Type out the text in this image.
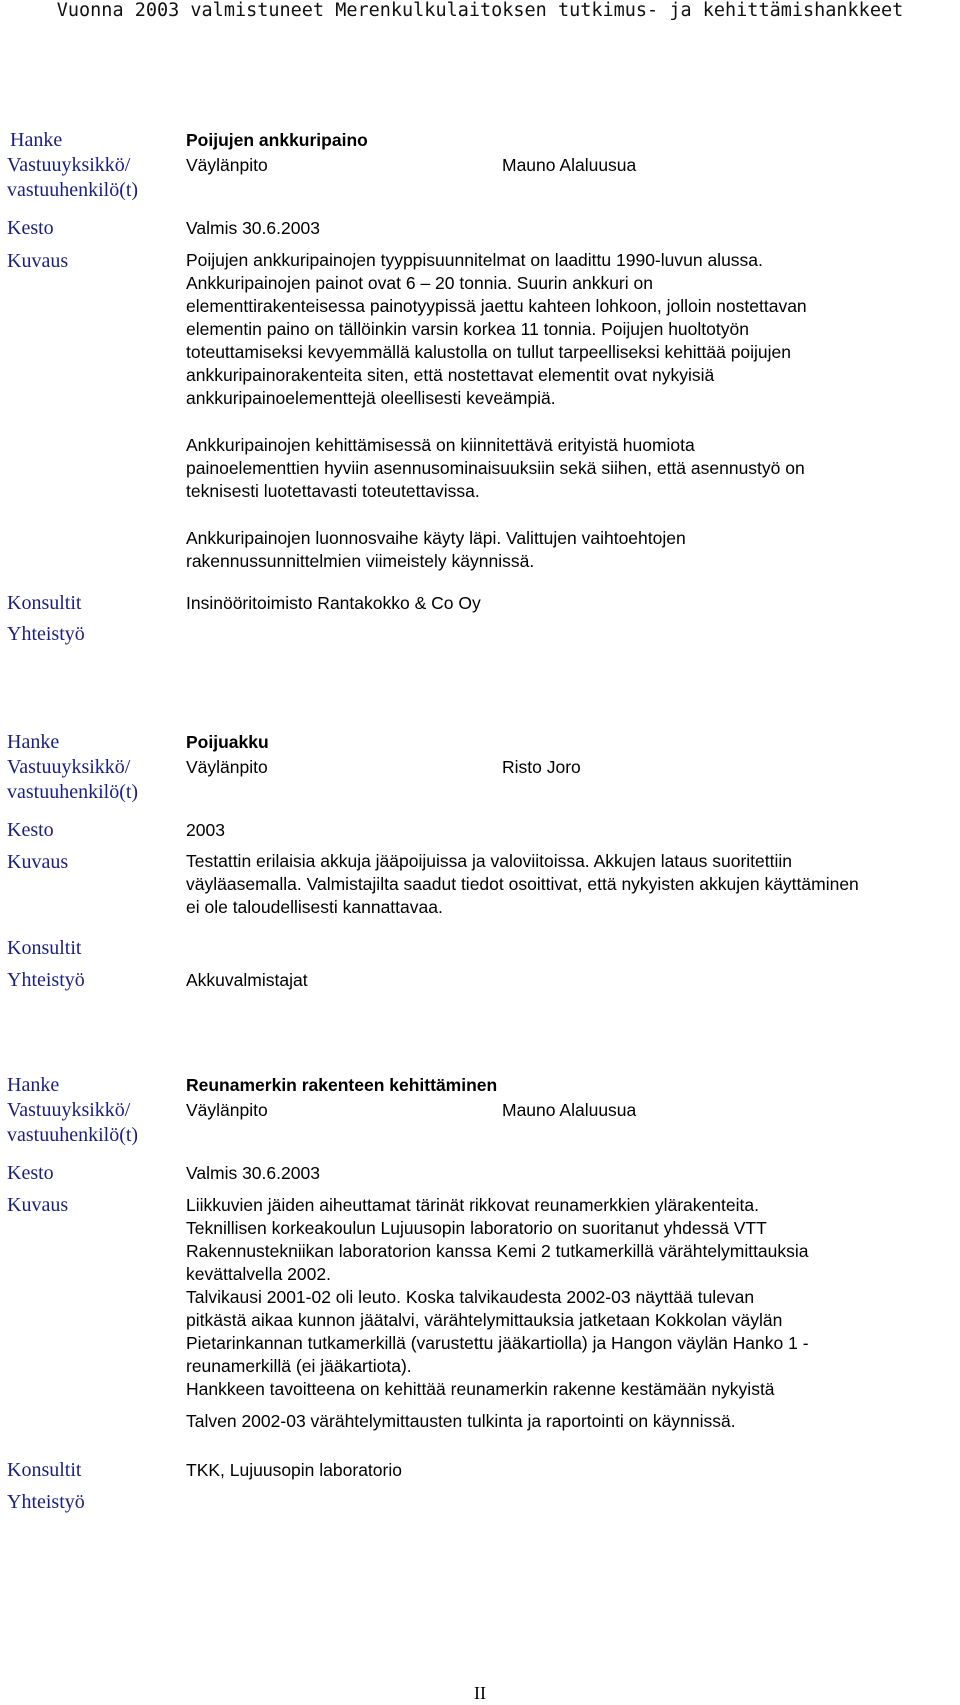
Vuonna 2003 valmistuneet Merenkulkulaitoksen tutkimus- ja kehittämishankkeet
Hanke	Poijujen ankkuripaino
Vastuuyksikkö/	Väylänpito	Mauno Alaluusua
vastuuhenkilö(t)
Kesto	Valmis 30.6.2003
Kuvaus	Poijujen ankkuripainojen tyyppisuunnitelmat on laadittu 1990-luvun alussa.
Ankkuripainojen painot ovat 6 – 20 tonnia. Suurin ankkuri on
elementtirakenteisessa painotyypissä jaettu kahteen lohkoon, jolloin nostettavan
elementin paino on tällöinkin varsin korkea 11 tonnia. Poijujen huoltotyön
toteuttamiseksi kevyemmällä kalustolla on tullut tarpeelliseksi kehittää poijujen
ankkuripainorakenteita siten, että nostettavat elementit ovat nykyisiä
ankkuripainoelementtejä oleellisesti keveämpiä.
Ankkuripainojen kehittämisessä on kiinnitettävä erityistä huomiota
painoelementtien hyviin asennusominaisuuksiin sekä siihen, että asennustyö on
teknisesti luotettavasti toteutettavissa.
Ankkuripainojen luonnosvaihe käyty läpi. Valittujen vaihtoehtojen
rakennussunnittelmien viimeistely käynnissä.
Konsultit	Insinööritoimisto Rantakokko & Co Oy
Yhteistyö
Hanke	Poijuakku
Vastuuyksikkö/	Väylänpito	Risto Joro
vastuuhenkilö(t)
Kesto	2003
Kuvaus	Testattin erilaisia akkuja jääpoijuissa ja valoviitoissa. Akkujen lataus suoritettiin
väyläasemalla. Valmistajilta saadut tiedot osoittivat, että nykyisten akkujen käyttäminen
ei ole taloudellisesti kannattavaa.
Konsultit
Yhteistyö	Akkuvalmistajat
Hanke	Reunamerkin rakenteen kehittäminen
Vastuuyksikkö/	Väylänpito	Mauno Alaluusua
vastuuhenkilö(t)
Kesto	Valmis 30.6.2003
Kuvaus	Liikkuvien jäiden aiheuttamat tärinät rikkovat reunamerkkien ylärakenteita.
Teknillisen korkeakoulun Lujuusopin laboratorio on suoritanut yhdessä VTT
Rakennustekniikan laboratorion kanssa Kemi 2 tutkamerkillä värähtelymittauksia
kevättalvella 2002.
Talvikausi 2001-02 oli leuto. Koska talvikaudesta 2002-03 näyttää tulevan
pitkästä aikaa kunnon jäätalvi, värähtelymittauksia jatketaan Kokkolan väylän
Pietarinkannan tutkamerkillä (varustettu jääkartiolla) ja Hangon väylän Hanko 1 -
reunamerkillä (ei jääkartiota).
Hankkeen tavoitteena on kehittää reunamerkin rakenne kestämään nykyistä
Talven 2002-03 värähtelymittausten tulkinta ja raportointi on käynnissä.
Konsultit	TKK, Lujuusopin laboratorio
Yhteistyö
II
